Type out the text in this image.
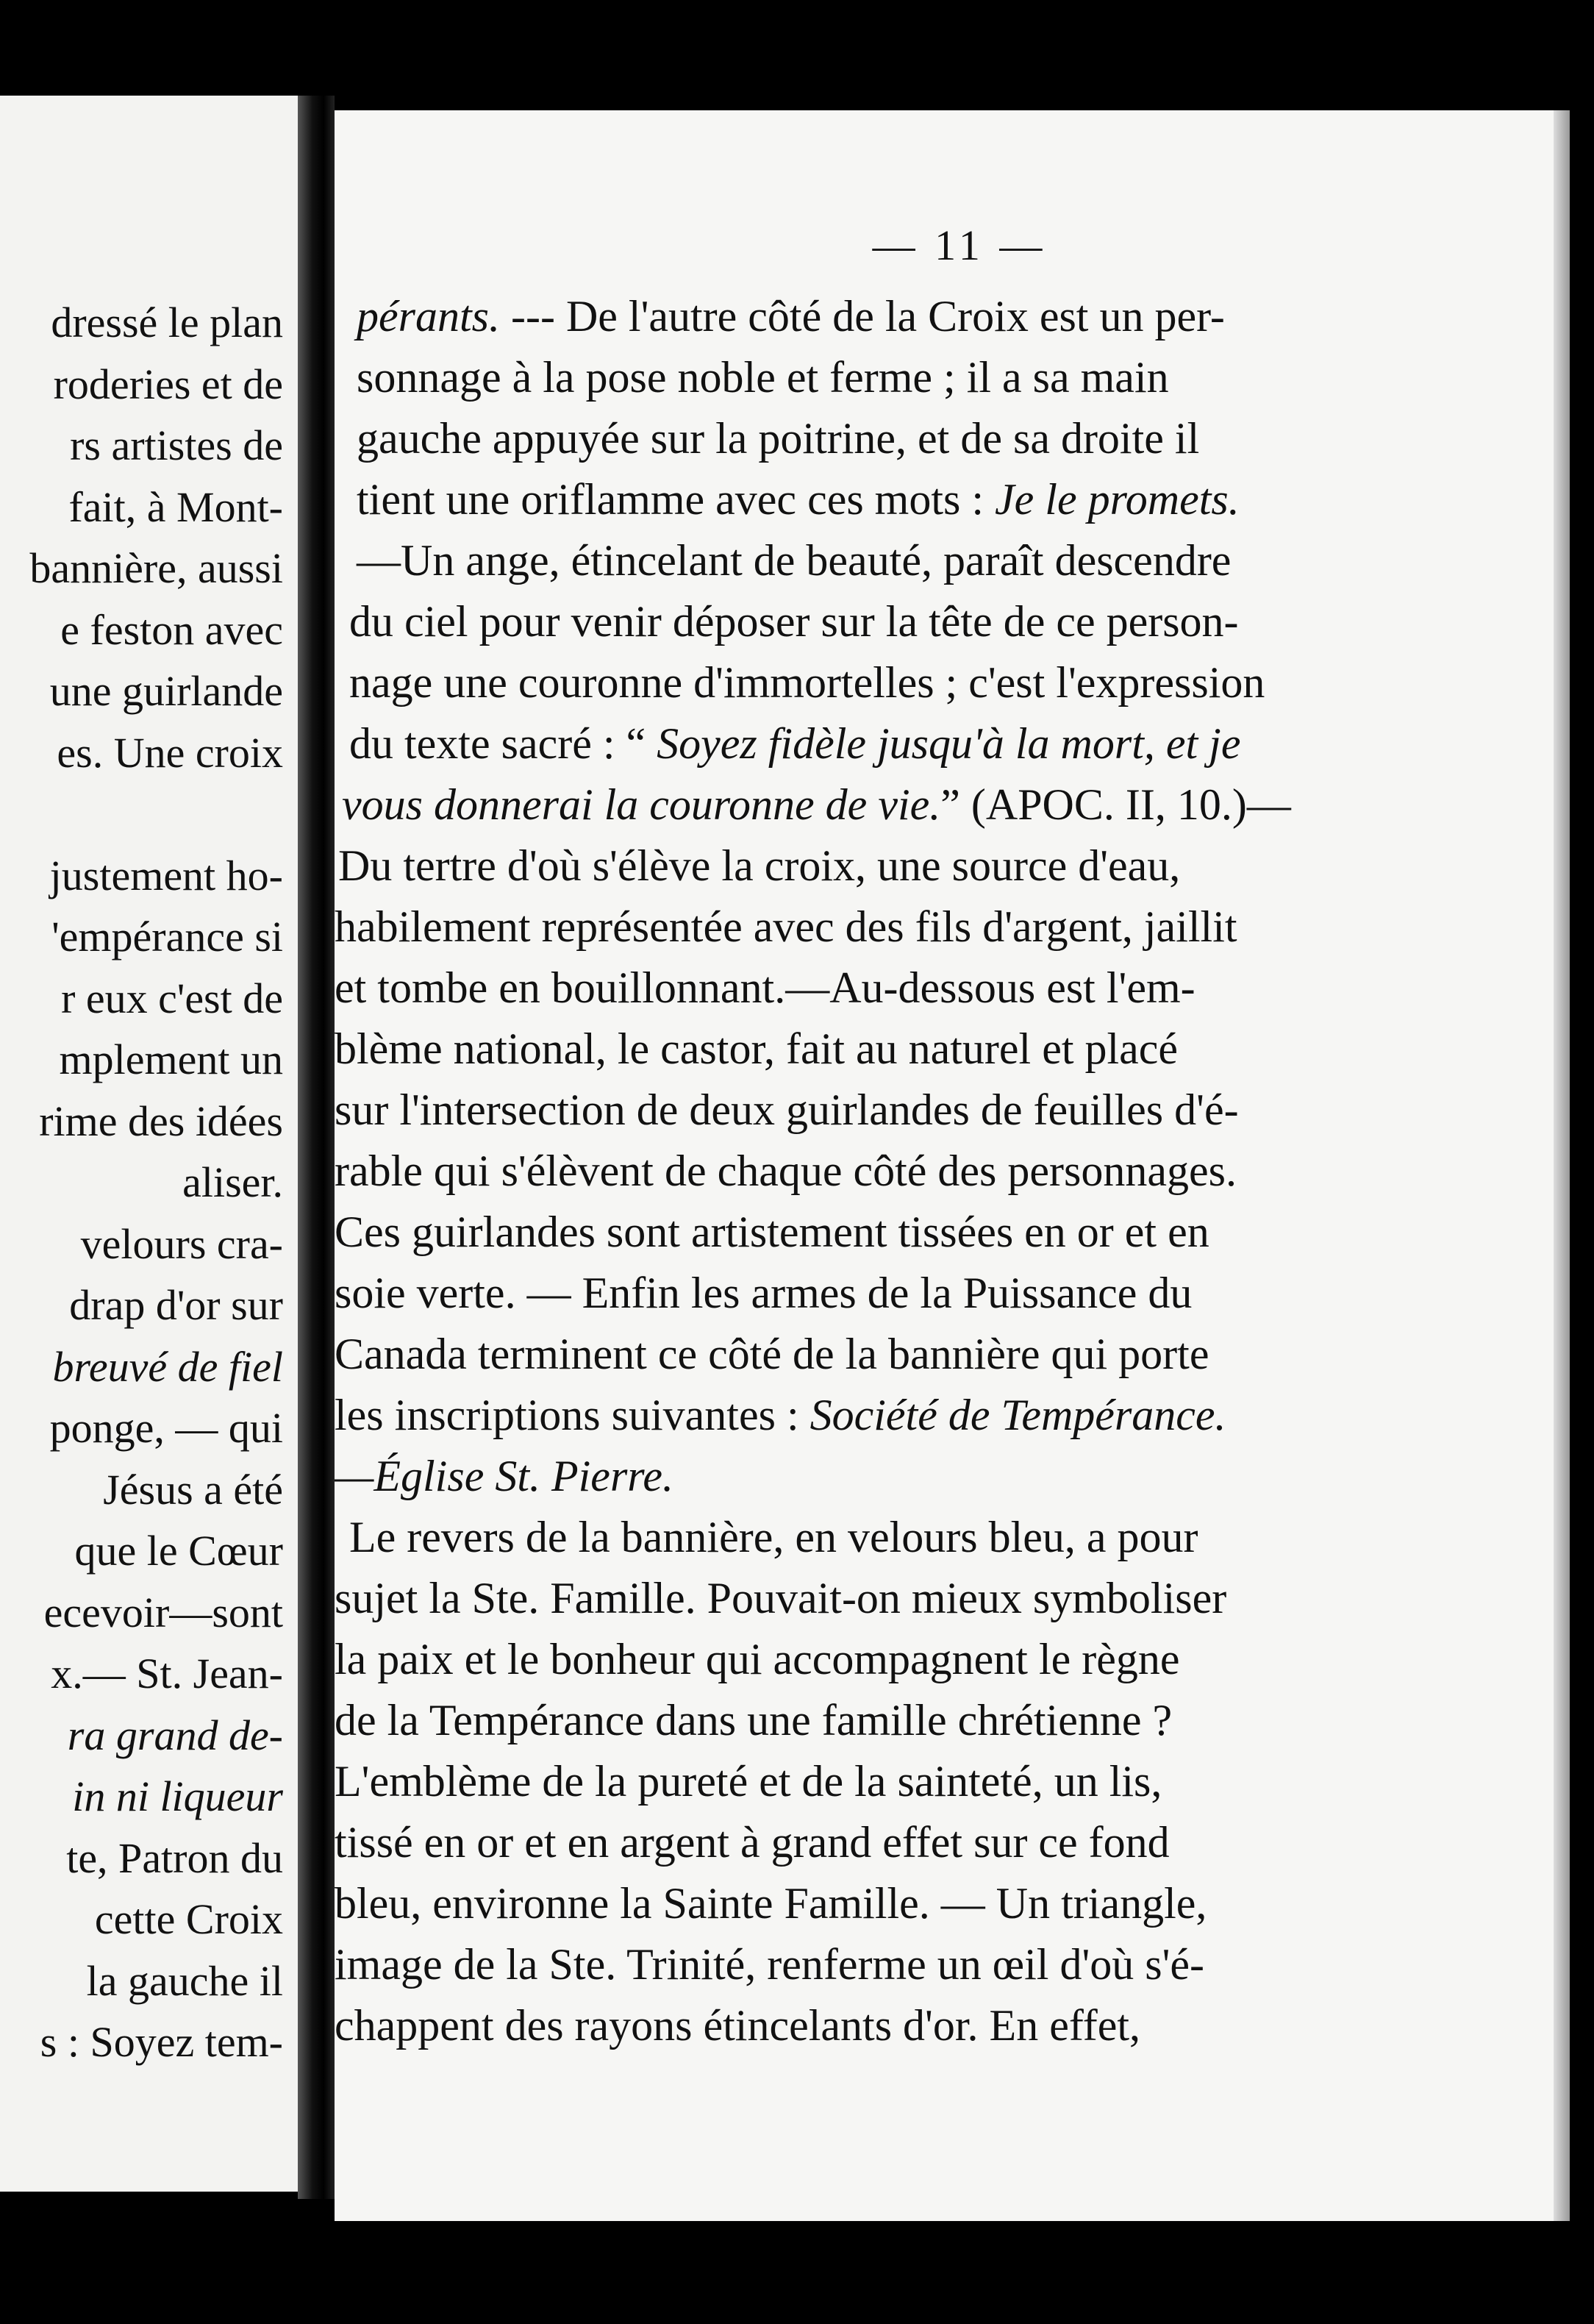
dressé le plan
roderies et de
rs artistes de
fait, à Mont-
bannière, aussi
e feston avec
une guirlande
es. Une croix
justement ho-
'empérance si
r eux c'est de
mplement un
rime des idées
aliser.
velours cra-
drap d'or sur
breuvé de fiel
ponge, — qui
Jésus a été
que le Cœur
ecevoir—sont
x.— St. Jean-
ra grand de-
in ni liqueur
te, Patron du
cette Croix
la gauche il
s : Soyez tem-
— 11 —
pérants. --- De l'autre côté de la Croix est un per-
sonnage à la pose noble et ferme ; il a sa main
gauche appuyée sur la poitrine, et de sa droite il
tient une oriflamme avec ces mots : Je le promets.
—Un ange, étincelant de beauté, paraît descendre
du ciel pour venir déposer sur la tête de ce person-
nage une couronne d'immortelles ; c'est l'expression
du texte sacré : “ Soyez fidèle jusqu'à la mort, et je
vous donnerai la couronne de vie.” (APOC. II, 10.)—
Du tertre d'où s'élève la croix, une source d'eau,
habilement représentée avec des fils d'argent, jaillit
et tombe en bouillonnant.—Au-dessous est l'em-
blème national, le castor, fait au naturel et placé
sur l'intersection de deux guirlandes de feuilles d'é-
rable qui s'élèvent de chaque côté des personnages.
Ces guirlandes sont artistement tissées en or et en
soie verte. — Enfin les armes de la Puissance du
Canada terminent ce côté de la bannière qui porte
les inscriptions suivantes : Société de Tempérance.
—Église St. Pierre.
Le revers de la bannière, en velours bleu, a pour
sujet la Ste. Famille. Pouvait-on mieux symboliser
la paix et le bonheur qui accompagnent le règne
de la Tempérance dans une famille chrétienne ?
L'emblème de la pureté et de la sainteté, un lis,
tissé en or et en argent à grand effet sur ce fond
bleu, environne la Sainte Famille. — Un triangle,
image de la Ste. Trinité, renferme un œil d'où s'é-
chappent des rayons étincelants d'or. En effet,
